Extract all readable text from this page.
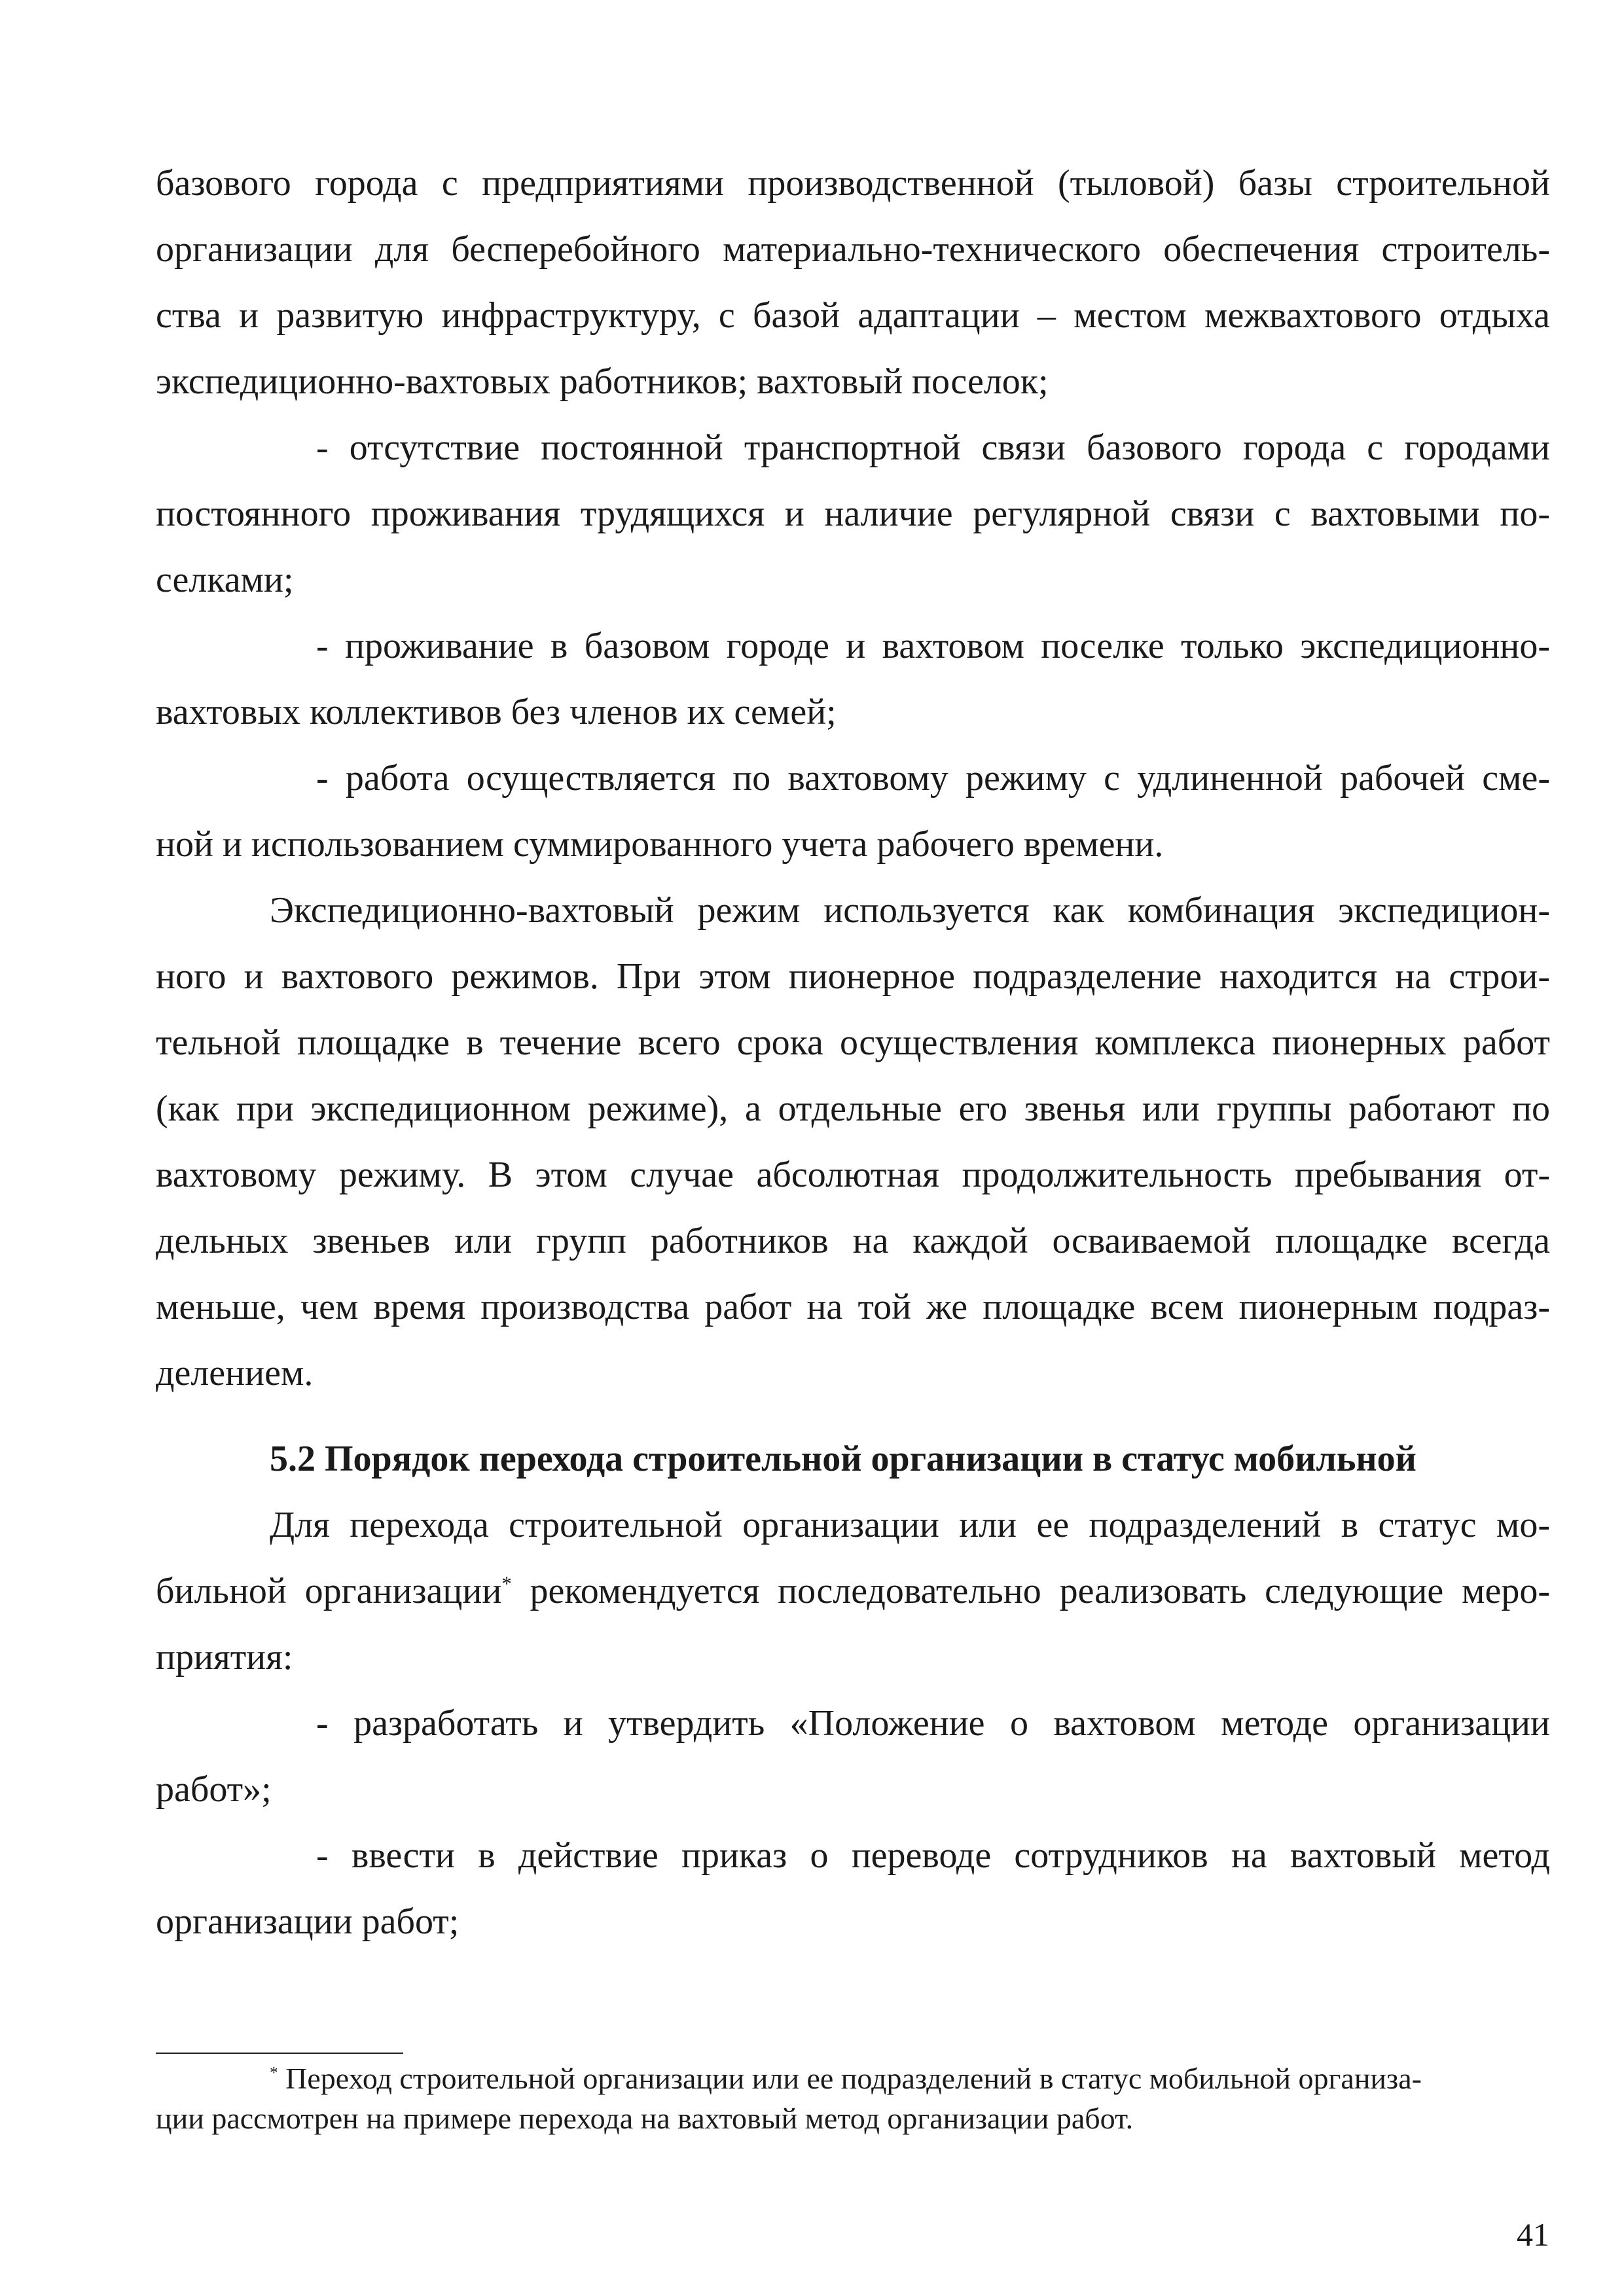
базового города с предприятиями производственной (тыловой) базы строительной
организации для бесперебойного материально-технического обеспечения строитель-
ства и развитую инфраструктуру, с базой адаптации – местом межвахтового отдыха
экспедиционно-вахтовых работников; вахтовый поселок;
- отсутствие постоянной транспортной связи базового города с городами
постоянного проживания трудящихся и наличие регулярной связи с вахтовыми по-
селками;
- проживание в базовом городе и вахтовом поселке только экспедиционно-
вахтовых коллективов без членов их семей;
- работа осуществляется по вахтовому режиму с удлиненной рабочей сме-
ной и использованием суммированного учета рабочего времени.
Экспедиционно-вахтовый режим используется как комбинация экспедицион-
ного и вахтового режимов. При этом пионерное подразделение находится на строи-
тельной площадке в течение всего срока осуществления комплекса пионерных работ
(как при экспедиционном режиме), а отдельные его звенья или группы работают по
вахтовому режиму. В этом случае абсолютная продолжительность пребывания от-
дельных звеньев или групп работников на каждой осваиваемой площадке всегда
меньше, чем время производства работ на той же площадке всем пионерным подраз-
делением.
5.2 Порядок перехода строительной организации в статус мобильной
Для перехода строительной организации или ее подразделений в статус мо-
бильной организации* рекомендуется последовательно реализовать следующие меро-
приятия:
- разработать и утвердить «Положение о вахтовом методе организации
работ»;
- ввести в действие приказ о переводе сотрудников на вахтовый метод
организации работ;
* Переход строительной организации или ее подразделений в статус мобильной организа-
ции рассмотрен на примере перехода на вахтовый метод организации работ.
41
